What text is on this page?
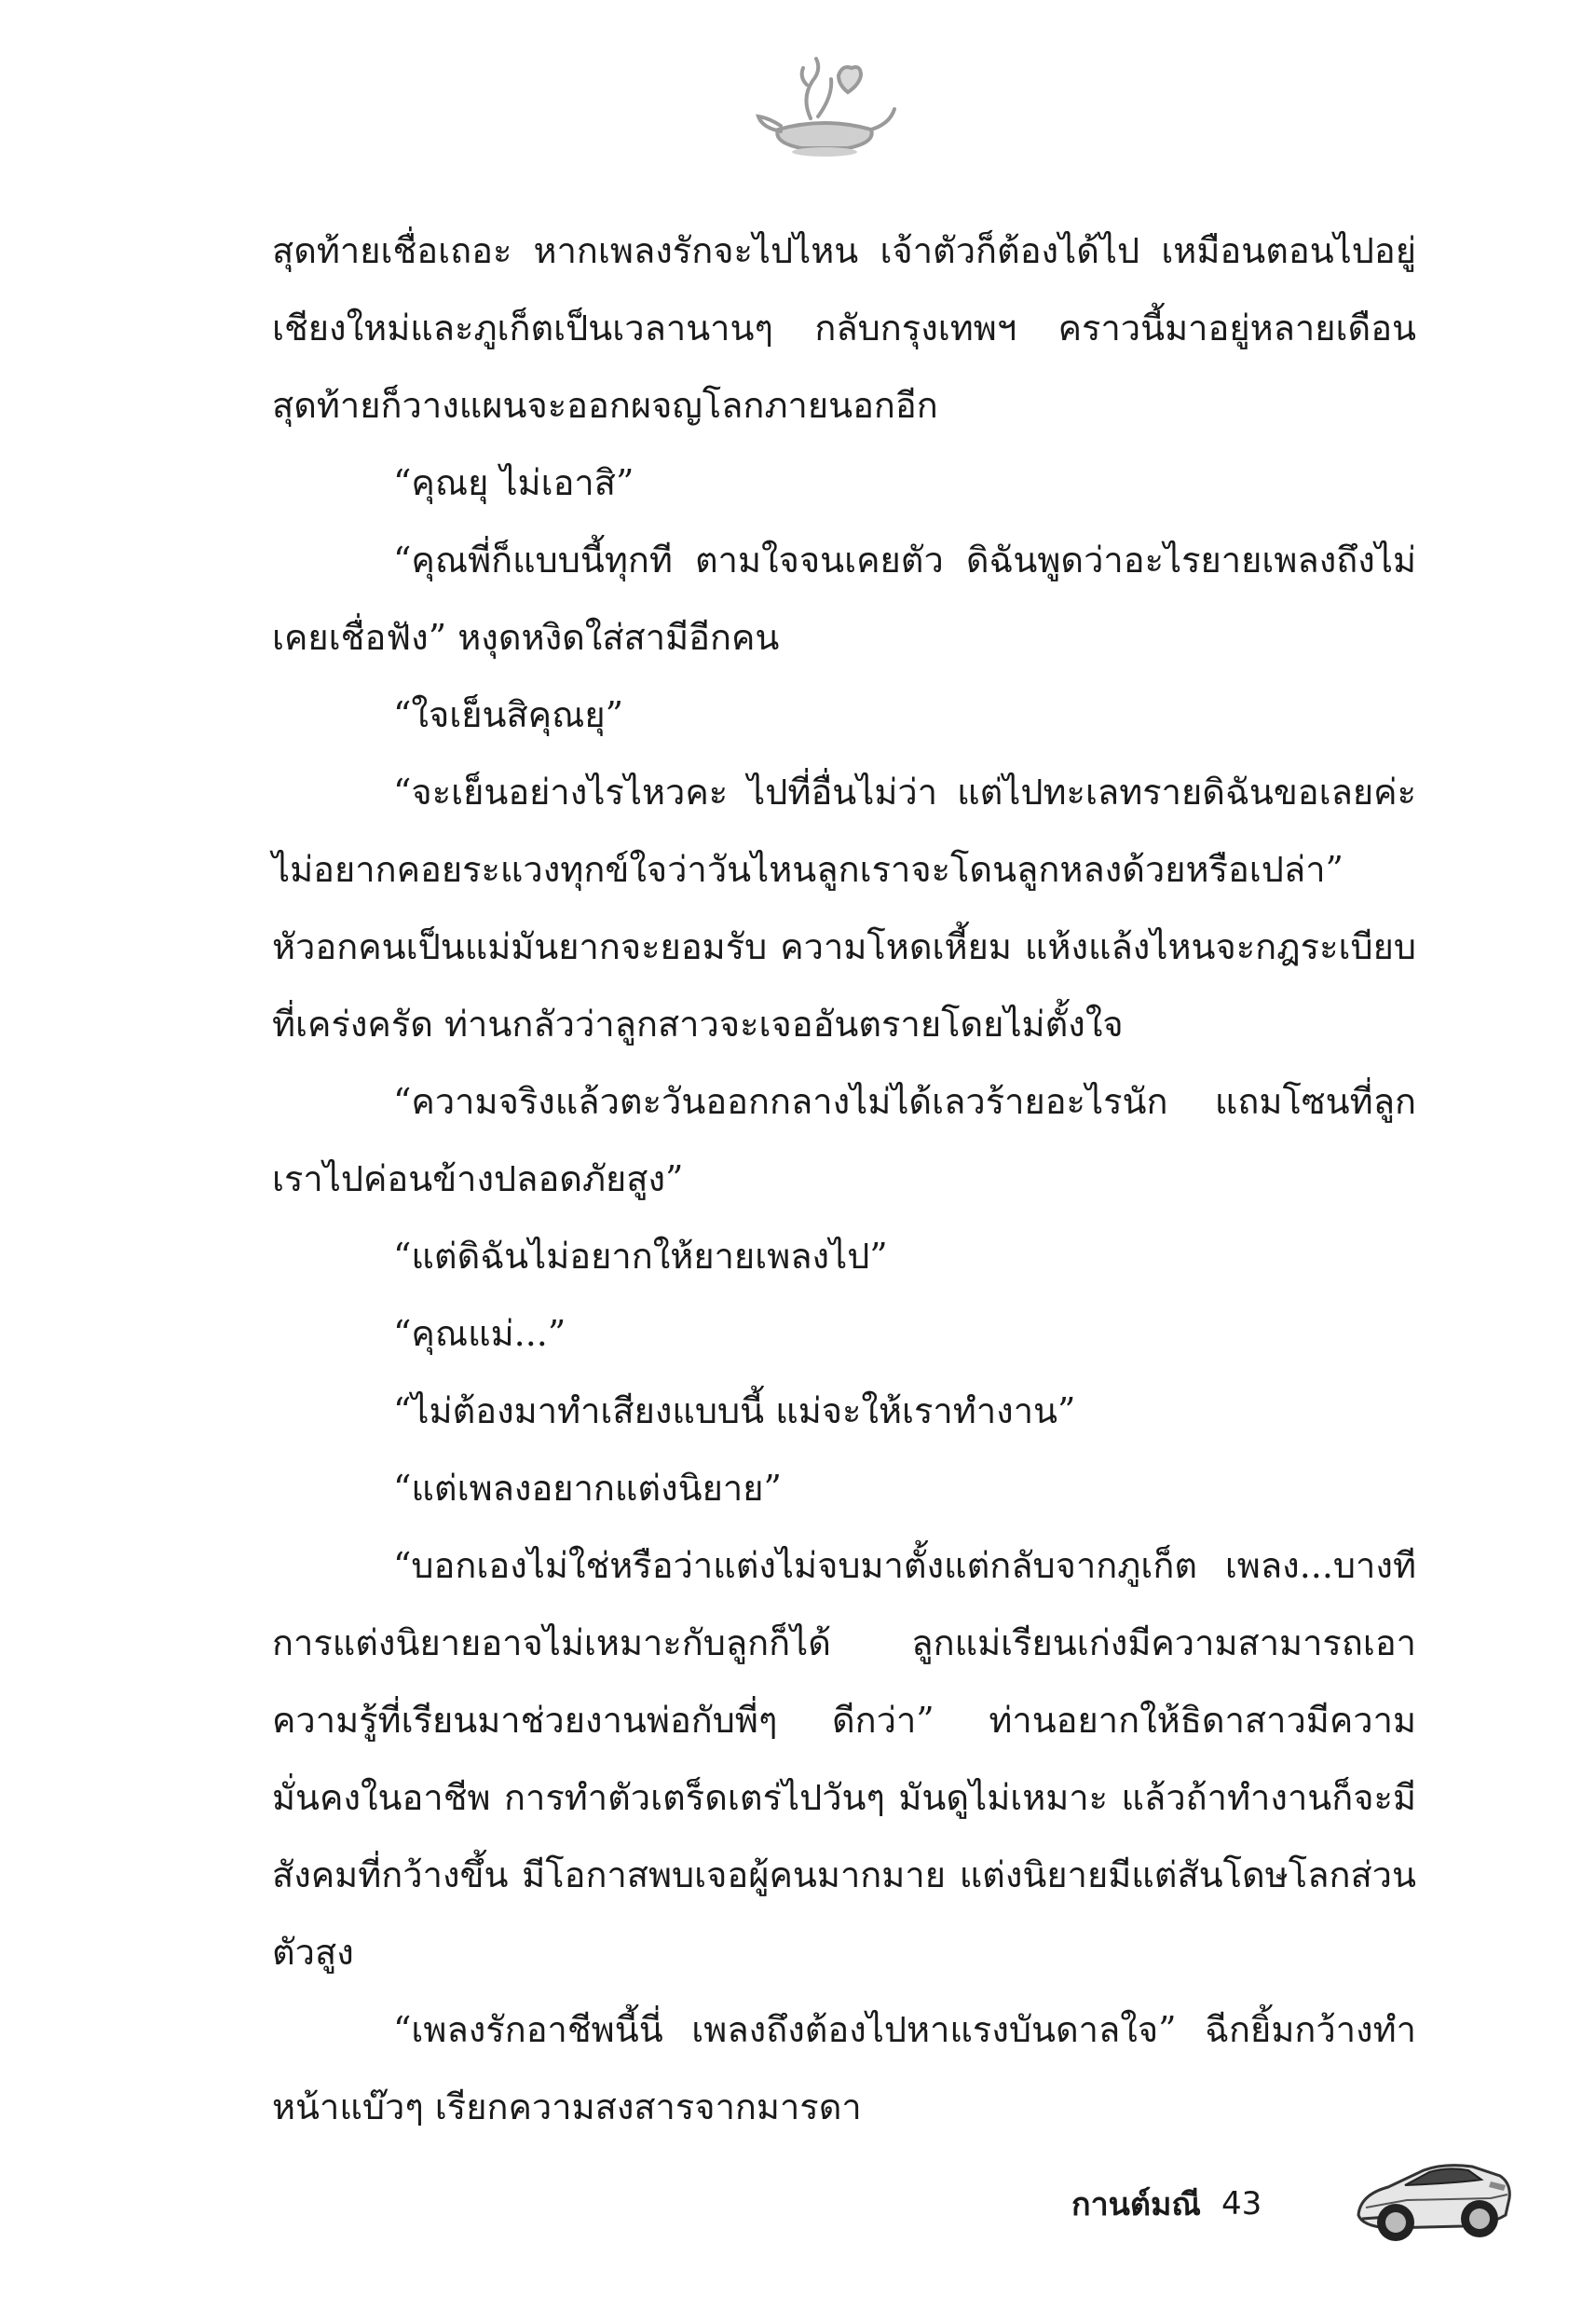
สุดท้ายเชื่อเถอะ หากเพลงรักจะไปไหน เจ้าตัวก็ต้องได้ไป เหมือนตอนไปอยู่เชียงใหม่และภูเก็ตเป็นเวลานานๆ กลับกรุงเทพฯ คราวนี้มาอยู่หลายเดือน สุดท้ายก็วางแผนจะออกผจญโลกภายนอกอีก

“คุณยุ ไม่เอาสิ”

“คุณพี่ก็แบบนี้ทุกที ตามใจจนเคยตัว ดิฉันพูดว่าอะไรยายเพลงถึงไม่เคยเชื่อฟัง” หงุดหงิดใส่สามีอีกคน

“ใจเย็นสิคุณยุ”

“จะเย็นอย่างไรไหวคะ ไปที่อื่นไม่ว่า แต่ไปทะเลทรายดิฉันขอเลยค่ะ ไม่อยากคอยระแวงทุกข์ใจว่าวันไหนลูกเราจะโดนลูกหลงด้วยหรือเปล่า” หัวอกคนเป็นแม่มันยากจะยอมรับ ความโหดเหี้ยม แห้งแล้งไหนจะกฎระเบียบที่เคร่งครัด ท่านกลัวว่าลูกสาวจะเจออันตรายโดยไม่ตั้งใจ

“ความจริงแล้วตะวันออกกลางไม่ได้เลวร้ายอะไรนัก แถมโซนที่ลูกเราไปค่อนข้างปลอดภัยสูง”

“แต่ดิฉันไม่อยากให้ยายเพลงไป”

“คุณแม่...”

“ไม่ต้องมาทำเสียงแบบนี้ แม่จะให้เราทำงาน”

“แต่เพลงอยากแต่งนิยาย”

“บอกเองไม่ใช่หรือว่าแต่งไม่จบมาตั้งแต่กลับจากภูเก็ต เพลง...บางทีการแต่งนิยายอาจไม่เหมาะกับลูกก็ได้ ลูกแม่เรียนเก่งมีความสามารถเอาความรู้ที่เรียนมาช่วยงานพ่อกับพี่ๆ ดีกว่า” ท่านอยากให้ธิดาสาวมีความมั่นคงในอาชีพ การทำตัวเตร็ดเตร่ไปวันๆ มันดูไม่เหมาะ แล้วถ้าทำงานก็จะมีสังคมที่กว้างขึ้น มีโอกาสพบเจอผู้คนมากมาย แต่งนิยายมีแต่สันโดษโลกส่วนตัวสูง

“เพลงรักอาชีพนี้นี่ เพลงถึงต้องไปหาแรงบันดาลใจ” ฉีกยิ้มกว้างทำหน้าแบ๊วๆ เรียกความสงสารจากมารดา

กานต์มณี 43
